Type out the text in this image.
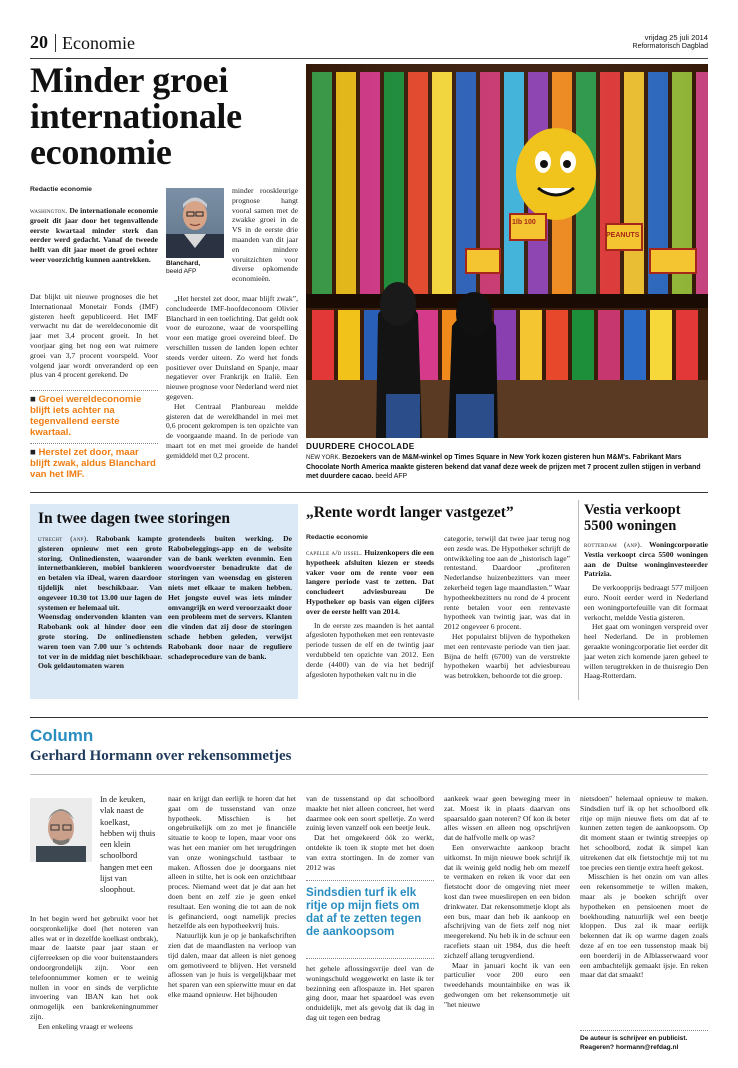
20 Economie	vrijdag 25 juli 2014
Reformatorisch Dagblad
Minder groei internationale economie
Redactie economie

washington. De internationale economie groeit dit jaar door het tegenvallende eerste kwartaal minder sterk dan eerder werd gedacht. Vanaf de tweede helft van dit jaar moet de groei echter weer voorzichtig kunnen aantrekken.

Dat blijkt uit nieuwe prognoses die het Internationaal Monetair Fonds (IMF) gisteren heeft gepubliceerd. Het IMF verwacht nu dat de wereldeconomie dit jaar met 3,4 procent groeit. In het voorjaar ging het nog een wat ruimere groei van 3,7 procent voorspeld. Voor volgend jaar wordt onveranderd op een plus van 4 procent gerekend. De

■ Groei wereldeconomie blijft iets achter na tegenvallend eerste kwartaal.
■ Herstel zet door, maar blijft zwak, aldus Blanchard van het IMF.
Blanchard,
beeld AFP

minder rooskleurige prognose hangt vooral samen met de zwakke groei in de VS in de eerste drie maanden van dit jaar en mindere voruitzichten voor diverse opkomende economieën.

„Het herstel zet door, maar blijft zwak”, concludeerde IMF-hoofdeconoom Olivier Blanchard in een toelichting. Dat geldt ook voor de eurozone, waar de voorspelling voor een matige groei overeind bleef. De verschillen tussen de landen lopen echter steeds verder uiteen. Zo werd het fonds positiever over Duitsland en Spanje, maar negatiever over Frankrijk en Italië. Een nieuwe prognose voor Nederland werd niet gegeven.

Het Centraal Planbureau meldde gisteren dat de wereldhandel in mei met 0,6 procent gekrompen is ten opzichte van de voorgaande maand. In de periode van maart tot en met mei groeide de handel gemiddeld met 0,2 procent.

1lb 100
PEANUTS
DUURDERE CHOCOLADE
NEW YORK. Bezoekers van de M&M-winkel op Times Square in New York kozen gisteren hun M&M's. Fabrikant Mars Chocolate North America maakte gisteren bekend dat vanaf deze week de prijzen met 7 procent zullen stijgen in verband met duurdere cacao. beeld AFP
In twee dagen twee storingen

utrecht (anp). Rabobank kampte gisteren opnieuw met een grote storing. Onlinediensten, waaronder internetbankieren, mobiel bankieren en betalen via iDeal, waren daardoor tijdelijk niet beschikbaar. Van ongeveer 10.30 tot 13.00 uur lagen de systemen er helemaal uit.

Woensdag ondervonden klanten van Rabobank ook al hinder door een grote storing. De onlinediensten waren toen van 7.00 uur 's ochtends tot ver in de middag niet beschikbaar. Ook geldautomaten waren

grotendeels buiten werking. De Rabobeleggings-app en de website van de bank werkten evenmin. Een woordvoerster benadrukte dat de storingen van woensdag en gisteren niets met elkaar te maken hebben. Het jongste euvel was iets minder omvangrijk en werd veroorzaakt door een probleem met de servers. Klanten die vinden dat zij door de storingen schade hebben geleden, verwijst Rabobank door naar de reguliere schadeprocedure van de bank.

„Rente wordt langer vastgezet”
Redactie economie

capelle a/d ijssel. Huizenkopers die een hypotheek afsluiten kiezen er steeds vaker voor om de rente voor een langere periode vast te zetten. Dat concludeert adviesbureau De Hypotheker op basis van eigen cijfers over de eerste helft van 2014.

In de eerste zes maanden is het aantal afgesloten hypotheken met een rentevaste periode tussen de elf en de twintig jaar verdubbeld ten opzichte van 2012. Een derde (4400) van de via het bedrijf afgesloten hypotheken valt nu in die

categorie, terwijl dat twee jaar terug nog een zesde was. De Hypotheker schrijft de ontwikkeling toe aan de „historisch lage” rentestand. Daardoor „profiteren Nederlandse huizenbezitters van meer zekerheid tegen lage maandlasten.” Waar hypotheekbezitters nu rond de 4 procent rente betalen voor een rentevaste hypotheek van twintig jaar, was dat in 2012 ongeveer 6 procent.

Het populairst blijven de hypotheken met een rentevaste periode van tien jaar. Bijna de helft (6700) van de verstrekte hypotheken waarbij het adviesbureau was betrokken, behoorde tot die groep.

Vestia verkoopt 5500 woningen

rotterdam (anp). Woningcorporatie Vestia verkoopt circa 5500 woningen aan de Duitse woninginvesteerder Patrizia.

De verkoopprijs bedraagt 577 miljoen euro. Nooit eerder werd in Nederland een woningportefeuille van dit formaat verkocht, meldde Vestia gisteren.

Het gaat om woningen verspreid over heel Nederland. De in problemen geraakte woningcorporatie liet eerder dit jaar weten zich komende jaren geheel te willen terugtrekken in de thuisregio Den Haag-Rotterdam.

Column
Gerhard Hormann over rekensommetjes

In de keuken, vlak naast de koelkast, hebben wij thuis een klein schoolbord hangen met een lijst van sloophout.

In het begin werd het gebruikt voor het oorspronkelijke doel (het noteren van alles wat er in dezelfde koelkast ontbrak), maar de laatste paar jaar staan er cijferreeksen op die voor buitenstaanders ondoorgrondelijk zijn. Voor een telefoonnummer komen er te weinig nullen in voor en sinds de verplichte invoering van IBAN kan het ook onmogelijk een bankrekeningnummer zijn.

Een enkeling vraagt er weleens

naar en krijgt dan eerlijk te horen dat het gaat om de tussenstand van onze hypotheek. Misschien is het ongebruikelijk om zo met je financiële situatie te koop te lopen, maar voor ons was het een manier om het terugdringen van onze woningschuld tastbaar te maken. Aflossen doe je doorgaans niet alleen in stilte, het is ook een onzichtbaar proces. Niemand weet dat je dat aan het doen bent en zelf zie je geen enkel resultaat. Een woning die tot aan de nok is gefinancierd, oogt namelijk precies hetzelfde als een hypotheekvrij huis.

Natuurlijk kun je op je bankafschriften zien dat de maandlasten na verloop van tijd dalen, maar dat alleen is niet genoeg om gemotiveerd te blijven. Het versneld aflossen van je huis is vergelijkbaar met het sparen van een spierwitte muur en dat elke maand opnieuw. Het bijhouden

van de tussenstand op dat schoolbord maakte het niet alleen concreet, het werd daarmee ook een soort spelletje. Zo werd zuinig leven vanzelf ook een beetje leuk.

Dat het omgekeerd óók zo werkt, ontdekte ik toen ik stopte met het doen van extra stortingen. In de zomer van 2012 was

Sindsdien turf ik elk ritje op mijn fiets om dat af te zetten tegen de aankoopsom

het gehele aflossingsvrije deel van de woningschuld weggewerkt en laste ik ter bezinning een aflospauze in. Het sparen ging door, maar het spaardoel was even onduidelijk, met als gevolg dat ik dag in dag uit tegen een bedrag

aankeek waar geen beweging meer in zat. Moest ik in plaats daarvan ons spaarsaldo gaan noteren? Of kon ik beter alles wissen en alleen nog opschrijven dat de halfvolle melk op was?

Een onverwachte aankoop bracht uitkomst. In mijn nieuwe boek schrijf ik dat ik weinig geld nodig heb om mezelf te vermaken en reken ik voor dat een fietstocht door de omgeving niet meer kost dan twee mueslirepen en een bidon drinkwater. Dat rekensommetje klopt als een bus, maar dan heb ik aankoop en afschrijving van de fiets zelf nog niet meegerekend. Nu heb ik in de schuur een racefiets staan uit 1984, dus die heeft zichzelf allang terugverdiend.

Maar in januari kocht ik van een particulier voor 200 euro een tweedehands mountainbike en was ik gedwongen om het rekensommetje uit "het nieuwe

nietsdoen" helemaal opnieuw te maken. Sindsdien turf ik op het schoolbord elk ritje op mijn nieuwe fiets om dat af te kunnen zetten tegen de aankoopsom. Op dit moment staan er twintig streepjes op het schoolbord, zodat ik simpel kan uitrekenen dat elk fietstochtje mij tot nu toe precies een tientje extra heeft gekost.

Misschien is het onzin om van alles een rekensommetje te willen maken, maar als je boeken schrijft over hypotheken en pensioenen moet de boekhouding natuurlijk wel een beetje kloppen. Dus zal ik maar eerlijk bekennen dat ik op warme dagen zoals deze af en toe een tussenstop maak bij een boerderij in de Alblasserwaard voor een ambachtelijk gemaakt ijsje. En reken maar dat dat smaakt!

De auteur is schrijver en publicist.
Reageren? hormann@refdag.nl
